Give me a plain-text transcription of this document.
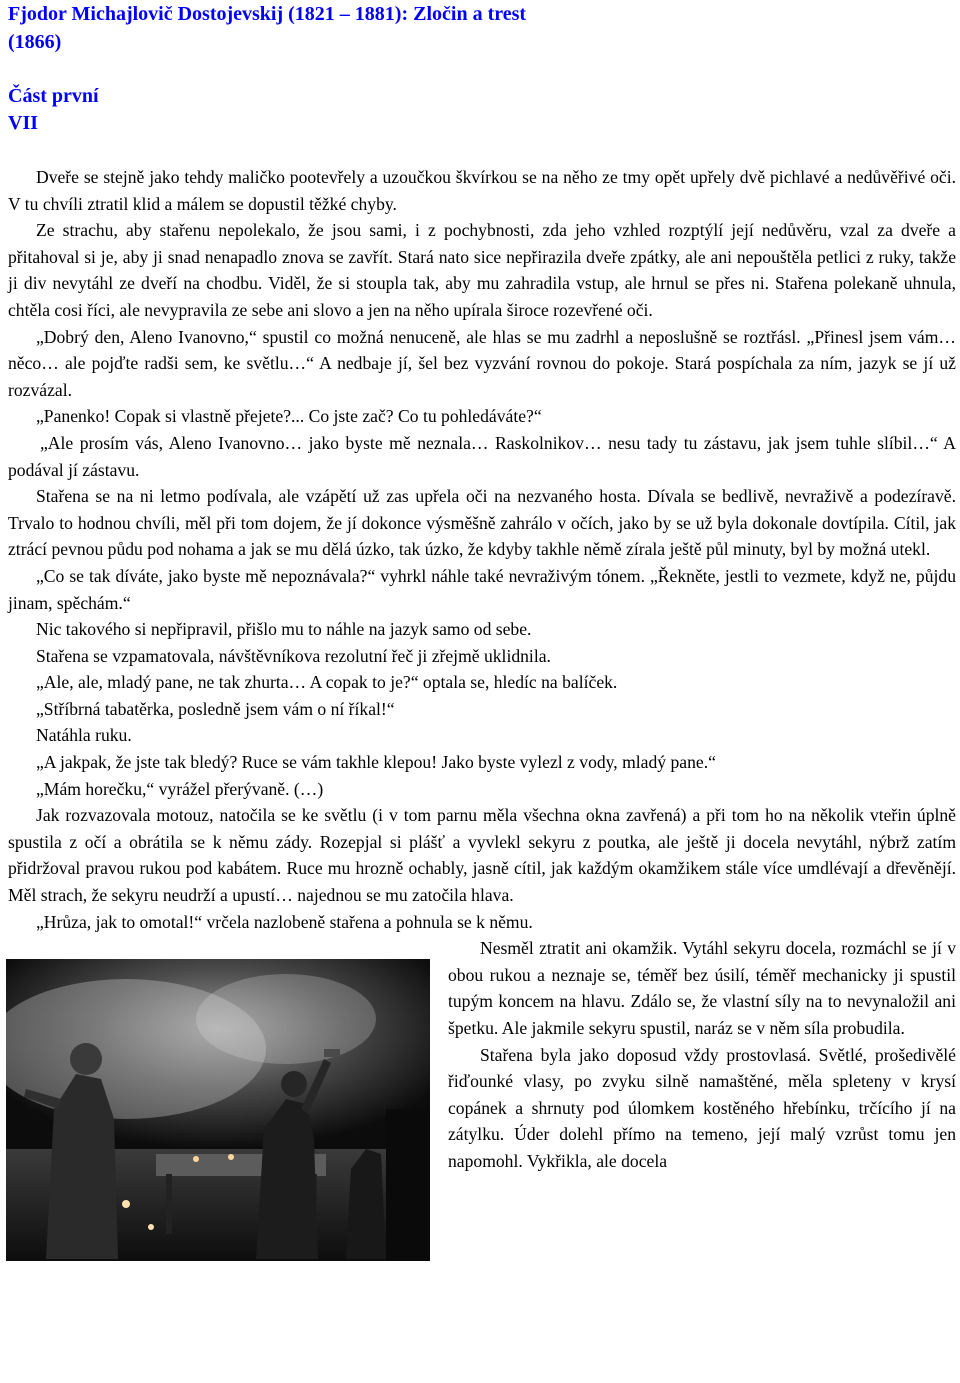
Fjodor Michajlovič Dostojevskij (1821 – 1881): Zločin a trest
(1866)
Část první
VII

Dveře se stejně jako tehdy maličko pootevřely a uzoučkou škvírkou se na něho ze tmy opět upřely dvě pichlavé a nedůvěřivé oči. V tu chvíli ztratil klid a málem se dopustil těžké chyby.

Ze strachu, aby stařenu nepolekalo, že jsou sami, i z pochybnosti, zda jeho vzhled rozptýlí její nedůvěru, vzal za dveře a přitahoval si je, aby ji snad nenapadlo znova se zavřít. Stará nato sice nepřirazila dveře zpátky, ale ani nepouštěla petlici z ruky, takže ji div nevytáhl ze dveří na chodbu. Viděl, že si stoupla tak, aby mu zahradila vstup, ale hrnul se přes ni. Stařena polekaně uhnula, chtěla cosi říci, ale nevypravila ze sebe ani slovo a jen na něho upírala široce rozevřené oči.

„Dobrý den, Aleno Ivanovno,“ spustil co možná nenuceně, ale hlas se mu zadrhl a neposlušně se roztřásl. „Přinesl jsem vám… něco… ale pojďte radši sem, ke světlu…“ A nedbaje jí, šel bez vyzvání rovnou do pokoje. Stará pospíchala za ním, jazyk se jí už rozvázal.

„Panenko! Copak si vlastně přejete?... Co jste zač? Co tu pohledáváte?“

„Ale prosím vás, Aleno Ivanovno… jako byste mě neznala… Raskolnikov… nesu tady tu zástavu, jak jsem tuhle slíbil…“ A podával jí zástavu.

Stařena se na ni letmo podívala, ale vzápětí už zas upřela oči na nezvaného hosta. Dívala se bedlivě, nevraživě a podezíravě. Trvalo to hodnou chvíli, měl při tom dojem, že jí dokonce výsměšně zahrálo v očích, jako by se už byla dokonale dovtípila. Cítil, jak ztrácí pevnou půdu pod nohama a jak se mu dělá úzko, tak úzko, že kdyby takhle němě zírala ještě půl minuty, byl by možná utekl.

„Co se tak díváte, jako byste mě nepoznávala?“ vyhrkl náhle také nevraživým tónem. „Řekněte, jestli to vezmete, když ne, půjdu jinam, spěchám.“

Nic takového si nepřipravil, přišlo mu to náhle na jazyk samo od sebe.

Stařena se vzpamatovala, návštěvníkova rezolutní řeč ji zřejmě uklidnila.

„Ale, ale, mladý pane, ne tak zhurta… A copak to je?“ optala se, hledíc na balíček.

„Stříbrná tabatěrka, posledně jsem vám o ní říkal!“

Natáhla ruku.

„A jakpak, že jste tak bledý? Ruce se vám takhle klepou! Jako byste vylezl z vody, mladý pane.“

„Mám horečku,“ vyrážel přerývaně. (…)

Jak rozvazovala motouz, natočila se ke světlu (i v tom parnu měla všechna okna zavřená) a při tom ho na několik vteřin úplně spustila z očí a obrátila se k němu zády. Rozepjal si plášť a vyvlekl sekyru z poutka, ale ještě ji docela nevytáhl, nýbrž zatím přidržoval pravou rukou pod kabátem. Ruce mu hrozně ochably, jasně cítil, jak každým okamžikem stále více umdlévají a dřevěnějí. Měl strach, že sekyru neudrží a upustí… najednou se mu zatočila hlava.

„Hrůza, jak to omotal!“ vrčela nazlobeně stařena a pohnula se k němu.

Nesměl ztratit ani okamžik. Vytáhl sekyru docela, rozmáchl se jí v obou rukou a neznaje se, téměř bez úsilí, téměř mechanicky ji spustil tupým koncem na hlavu. Zdálo se, že vlastní síly na to nevynaložil ani špetku. Ale jakmile sekyru spustil, naráz se v něm síla probudila.

Stařena byla jako doposud vždy prostovlasá. Světlé, prošedivělé řiďounké vlasy, po zvyku silně namaštěné, měla spleteny v krysí copánek a shrnuty pod úlomkem kostěného hřebínku, trčícího jí na zátylku. Úder dolehl přímo na temeno, její malý vzrůst tomu jen napomohl. Vykřikla, ale docela
